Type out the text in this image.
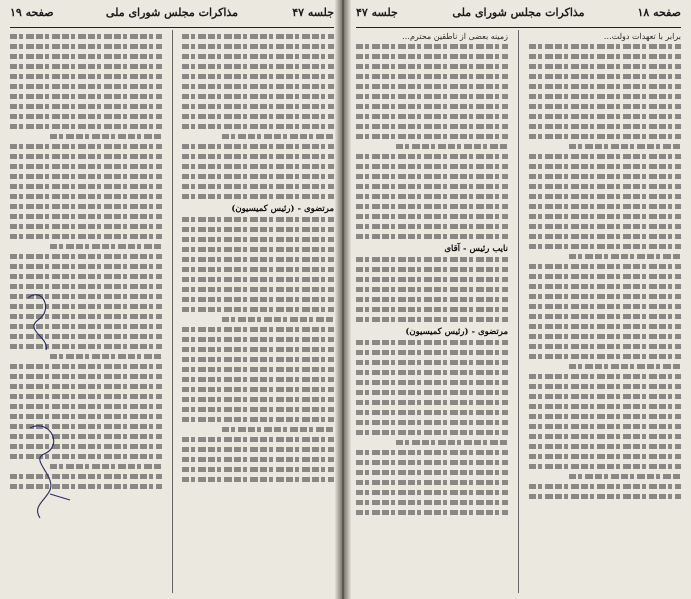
صفحه ۱۸
مذاکرات مجلس شورای ملی
جلسه ۴۷
برابر با تعهدات دولت…
زمینه بعضی از ناطقین محترم…
نایب رئیس - آقای
مرتضوی - (رئیس کمیسیون)
صفحه ۱۹	مذاکرات مجلس شورای ملی	جلسه ۴۷
مرتضوی - (رئیس کمیسیون)
